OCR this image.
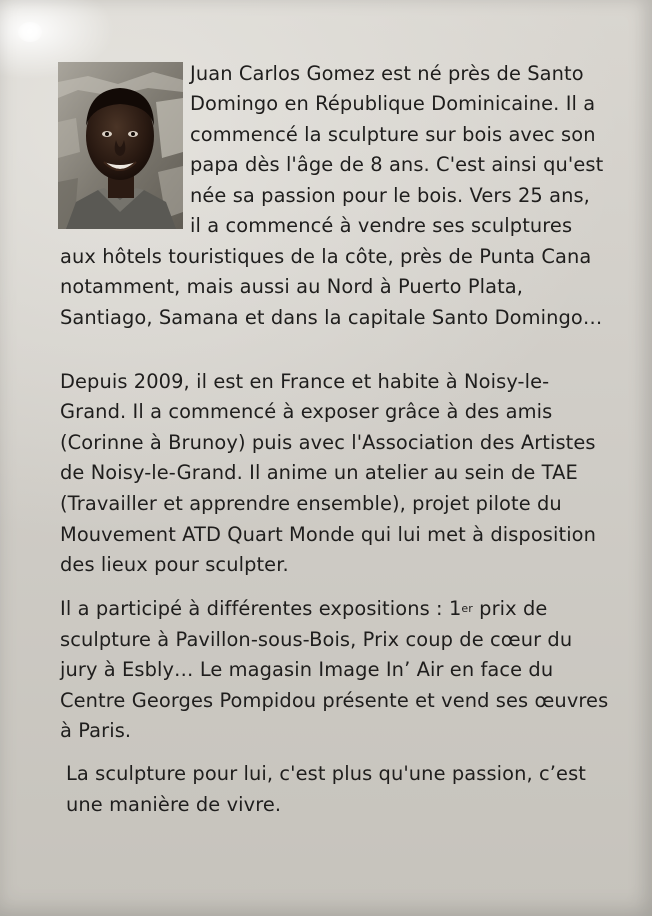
Juan Carlos Gomez est né près de Santo
Domingo en République Dominicaine. Il a
commencé la sculpture sur bois avec son
papa dès l'âge de 8 ans. C'est ainsi qu'est
née sa passion pour le bois. Vers 25 ans,
il a commencé à vendre ses sculptures
aux hôtels touristiques de la côte, près de Punta Cana
notamment, mais aussi au Nord à Puerto Plata,
Santiago, Samana et dans la capitale Santo Domingo…
Depuis 2009, il est en France et habite à Noisy-le-
Grand. Il a commencé à exposer grâce à des amis
(Corinne à Brunoy) puis avec l'Association des Artistes
de Noisy-le-Grand. Il anime un atelier au sein de TAE
(Travailler et apprendre ensemble), projet pilote du
Mouvement ATD Quart Monde qui lui met à disposition
des lieux pour sculpter.
Il a participé à différentes expositions : 1er prix de
sculpture à Pavillon-sous-Bois, Prix coup de cœur du
jury à Esbly… Le magasin Image In’ Air en face du
Centre Georges Pompidou présente et vend ses œuvres
à Paris.
La sculpture pour lui, c'est plus qu'une passion, c’est
une manière de vivre.
